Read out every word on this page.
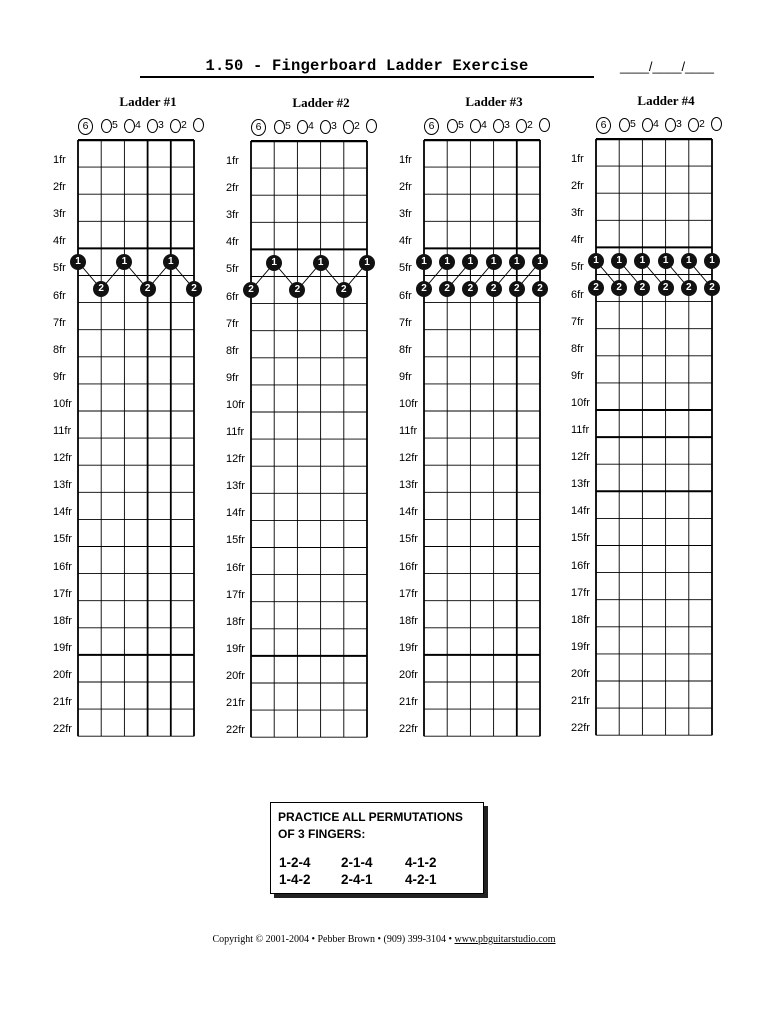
1.50 - Fingerboard Ladder Exercise	____/____/____
Ladder #1
6	5	4	3	2
1fr
2fr
3fr
4fr
5fr
6fr
7fr
8fr
9fr
10fr
11fr
12fr
13fr
14fr
15fr
16fr
17fr
18fr
19fr
20fr
21fr
22fr
1
2
1
2
1
2
Ladder #2
6	5	4	3	2
1fr
2fr
3fr
4fr
5fr
6fr
7fr
8fr
9fr
10fr
11fr
12fr
13fr
14fr
15fr
16fr
17fr
18fr
19fr
20fr
21fr
22fr
2
1
2
1
2
1
Ladder #3
6	5	4	3	2
1fr
2fr
3fr
4fr
5fr
6fr
7fr
8fr
9fr
10fr
11fr
12fr
13fr
14fr
15fr
16fr
17fr
18fr
19fr
20fr
21fr
22fr
1
2
1
2
1
2
1
2
1
2
1
2
Ladder #4
6	5	4	3	2
1fr
2fr
3fr
4fr
5fr
6fr
7fr
8fr
9fr
10fr
11fr
12fr
13fr
14fr
15fr
16fr
17fr
18fr
19fr
20fr
21fr
22fr
2
1
2
1
2
1
2
1
2
1
2
1
PRACTICE ALL PERMUTATIONS
OF 3 FINGERS:
1-2-4 2-1-4 4-1-2
1-4-2 2-4-1 4-2-1
Copyright © 2001-2004 • Pebber Brown • (909) 399-3104 • www.pbguitarstudio.com
